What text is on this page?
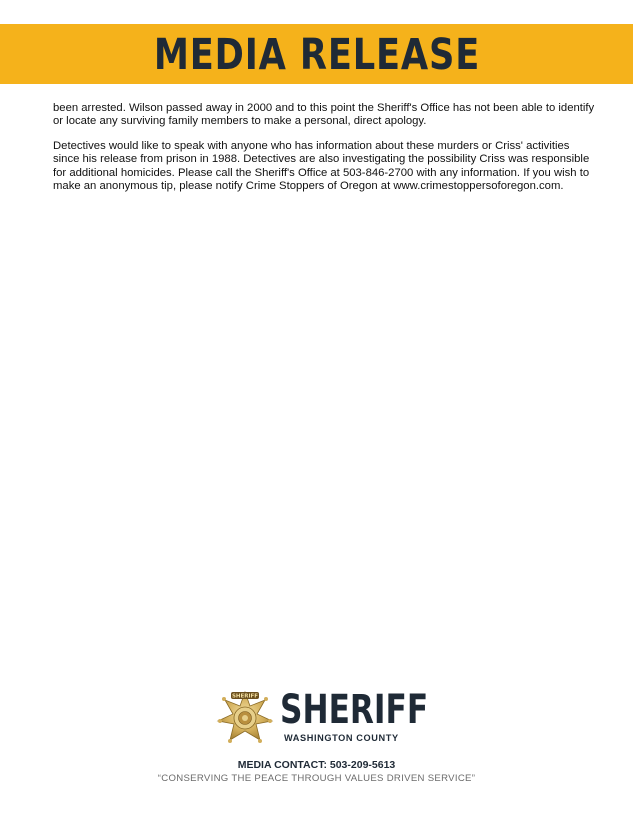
MEDIA RELEASE

been arrested. Wilson passed away in 2000 and to this point the Sheriff's Office has not been able to identify or locate any surviving family members to make a personal, direct apology.

Detectives would like to speak with anyone who has information about these murders or Criss' activities since his release from prison in 1988. Detectives are also investigating the possibility Criss was responsible for additional homicides. Please call the Sheriff's Office at 503-846-2700 with any information. If you wish to make an anonymous tip, please notify Crime Stoppers of Oregon at www.crimestoppersoforegon.com.

SHERIFF SHERIFF
WASHINGTON COUNTY
MEDIA CONTACT: 503-209-5613
“CONSERVING THE PEACE THROUGH VALUES DRIVEN SERVICE”
